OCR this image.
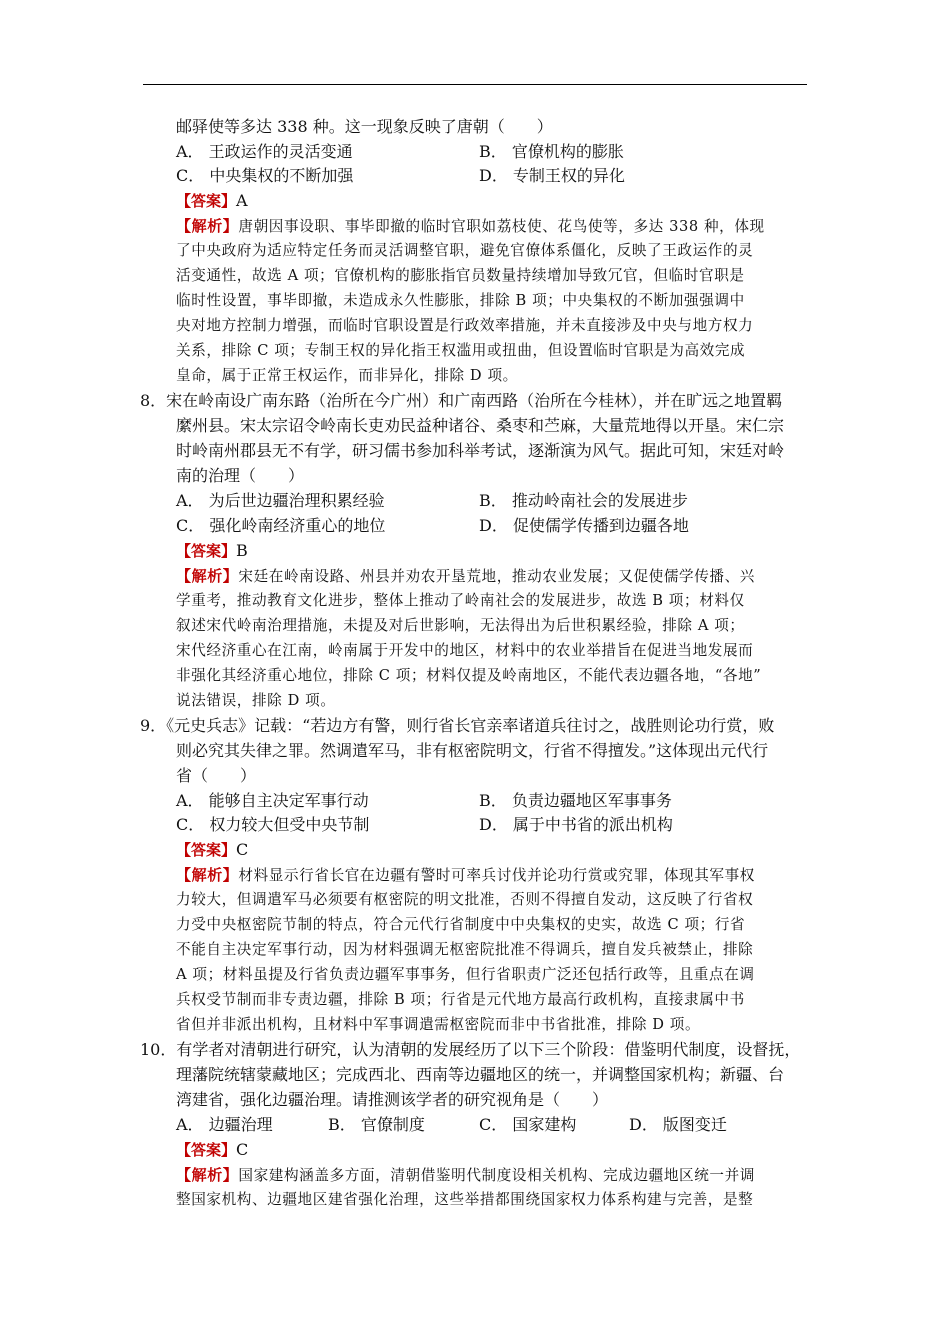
邮驿使等多达 338 种。这一现象反映了唐朝（　　）
A． 王政运作的灵活变通	B． 官僚机构的膨胀
C． 中央集权的不断加强	D． 专制王权的异化
【答案】A
【解析】唐朝因事设职、事毕即撤的临时官职如荔枝使、花鸟使等，多达 338 种，体现
了中央政府为适应特定任务而灵活调整官职，避免官僚体系僵化，反映了王政运作的灵
活变通性，故选 A 项；官僚机构的膨胀指官员数量持续增加导致冗官，但临时官职是
临时性设置，事毕即撤，未造成永久性膨胀，排除 B 项；中央集权的不断加强强调中
央对地方控制力增强，而临时官职设置是行政效率措施，并未直接涉及中央与地方权力
关系，排除 C 项；专制王权的异化指王权滥用或扭曲，但设置临时官职是为高效完成
皇命，属于正常王权运作，而非异化，排除 D 项。
8．宋在岭南设广南东路（治所在今广州）和广南西路（治所在今桂林），并在旷远之地置羁
縻州县。宋太宗诏令岭南长吏劝民益种诸谷、桑枣和苎麻，大量荒地得以开垦。宋仁宗
时岭南州郡县无不有学，研习儒书参加科举考试，逐渐演为风气。据此可知，宋廷对岭
南的治理（　　）
A． 为后世边疆治理积累经验	B． 推动岭南社会的发展进步
C． 强化岭南经济重心的地位	D． 促使儒学传播到边疆各地
【答案】B
【解析】宋廷在岭南设路、州县并劝农开垦荒地，推动农业发展；又促使儒学传播、兴
学重考，推动教育文化进步，整体上推动了岭南社会的发展进步，故选 B 项；材料仅
叙述宋代岭南治理措施，未提及对后世影响，无法得出为后世积累经验，排除 A 项；
宋代经济重心在江南，岭南属于开发中的地区，材料中的农业举措旨在促进当地发展而
非强化其经济重心地位，排除 C 项；材料仅提及岭南地区，不能代表边疆各地，“各地”
说法错误，排除 D 项。
9．《元史兵志》记载：“若边方有警，则行省长官亲率诸道兵往讨之，战胜则论功行赏，败
则必究其失律之罪。然调遣军马，非有枢密院明文，行省不得擅发。”这体现出元代行
省（　　）
A． 能够自主决定军事行动	B． 负责边疆地区军事事务
C． 权力较大但受中央节制	D． 属于中书省的派出机构
【答案】C
【解析】材料显示行省长官在边疆有警时可率兵讨伐并论功行赏或究罪，体现其军事权
力较大，但调遣军马必须要有枢密院的明文批准，否则不得擅自发动，这反映了行省权
力受中央枢密院节制的特点，符合元代行省制度中中央集权的史实，故选 C 项；行省
不能自主决定军事行动，因为材料强调无枢密院批准不得调兵，擅自发兵被禁止，排除
A 项；材料虽提及行省负责边疆军事事务，但行省职责广泛还包括行政等，且重点在调
兵权受节制而非专责边疆，排除 B 项；行省是元代地方最高行政机构，直接隶属中书
省但并非派出机构，且材料中军事调遣需枢密院而非中书省批准，排除 D 项。
10．有学者对清朝进行研究，认为清朝的发展经历了以下三个阶段：借鉴明代制度，设督抚，
理藩院统辖蒙藏地区；完成西北、西南等边疆地区的统一，并调整国家机构；新疆、台
湾建省，强化边疆治理。请推测该学者的研究视角是（　　）
A． 边疆治理	B． 官僚制度	C． 国家建构	D． 版图变迁
【答案】C
【解析】国家建构涵盖多方面，清朝借鉴明代制度设相关机构、完成边疆地区统一并调
整国家机构、边疆地区建省强化治理，这些举措都围绕国家权力体系构建与完善，是整
